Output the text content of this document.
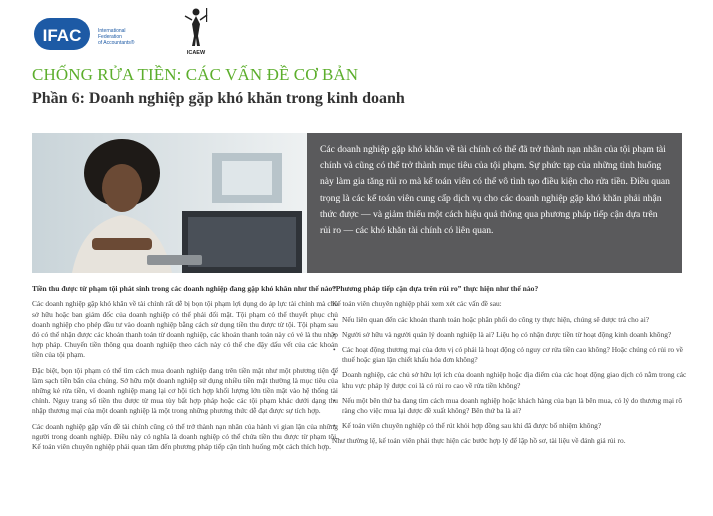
IFAC	International
Federation
of Accountants®
ICAEW
CHỐNG RỬA TIỀN: CÁC VẤN ĐỀ CƠ BẢN
Phần 6: Doanh nghiệp gặp khó khăn trong kinh doanh
Các doanh nghiệp gặp khó khăn về tài chính có thể đã trở thành nạn nhân của tội phạm tài chính và cũng có thể trở thành mục tiêu của tội phạm. Sự phức tạp của những tình huống này làm gia tăng rủi ro mà kế toán viên có thể vô tình tạo điều kiện cho rửa tiền. Điều quan trọng là các kế toán viên cung cấp dịch vụ cho các doanh nghiệp gặp khó khăn phải nhận thức được — và giảm thiểu một cách hiệu quả thông qua phương pháp tiếp cận dựa trên rủi ro — các khó khăn tài chính có liên quan.
Tiền thu được từ phạm tội phát sinh trong các doanh nghiệp đang gặp khó khăn như thế nào?

Các doanh nghiệp gặp khó khăn về tài chính rất dễ bị bọn tội phạm lợi dụng do áp lực tài chính mà chủ sở hữu hoặc ban giám đốc của doanh nghiệp có thể phải đối mặt. Tội phạm có thể thuyết phục chủ doanh nghiệp cho phép đầu tư vào doanh nghiệp bằng cách sử dụng tiền thu được từ tội. Tội phạm sau đó có thể nhận được các khoản thanh toán từ doanh nghiệp, các khoản thanh toán này có vẻ là thu nhập hợp pháp. Chuyển tiền thông qua doanh nghiệp theo cách này có thể che đậy dấu vết của các khoản tiền của tội phạm.

Đặc biệt, bọn tội phạm có thể tìm cách mua doanh nghiệp đang trên tiền mặt như một phương tiện để làm sạch tiền bẩn của chúng. Sở hữu một doanh nghiệp sử dụng nhiều tiền mặt thường là mục tiêu của những kẻ rửa tiền, vì doanh nghiệp mang lại cơ hội tích hợp khối lượng lớn tiền mặt vào hệ thống tài chính. Nguy trang số tiền thu được từ mua tùy bất hợp pháp hoặc các tội phạm khác dưới dạng thu nhập thương mại của một doanh nghiệp là một trong những phương thức dễ đạt được sự tích hợp.

Các doanh nghiệp gặp vấn đề tài chính cũng có thể trở thành nạn nhân của hành vi gian lận của những người trong doanh nghiệp. Điều này có nghĩa là doanh nghiệp có thể chứa tiền thu được từ phạm tội. Kế toán viên chuyên nghiệp phải quan tâm đến phương pháp tiếp cận tình huống một cách thích hợp.

“Phương pháp tiếp cận dựa trên rủi ro” thực hiện như thế nào?

Kế toán viên chuyên nghiệp phải xem xét các vấn đề sau:

• Nếu liên quan đến các khoản thanh toán hoặc phân phối do công ty thực hiện, chúng sẽ được trả cho ai?
• Người sở hữu và người quản lý doanh nghiệp là ai? Liệu họ có nhận được tiền từ hoạt động kinh doanh không?
• Các hoạt động thương mại của đơn vị có phải là hoạt động có nguy cơ rửa tiền cao không? Hoặc chúng có rủi ro về thuế hoặc gian lận chiết khấu hóa đơn không?
• Doanh nghiệp, các chủ sở hữu lợi ích của doanh nghiệp hoặc địa điểm của các hoạt động giao dịch có nằm trong các khu vực pháp lý được coi là có rủi ro cao về rửa tiền không?
• Nếu một bên thứ ba đang tìm cách mua doanh nghiệp hoặc khách hàng của bạn là bên mua, có lý do thương mại rõ ràng cho việc mua lại được đề xuất không? Bên thứ ba là ai?
• Kế toán viên chuyên nghiệp có thể rút khỏi hợp đồng sau khi đã được bổ nhiệm không?

Như thường lệ, kế toán viên phải thực hiện các bước hợp lý để lập hồ sơ, tài liệu về đánh giá rủi ro.
